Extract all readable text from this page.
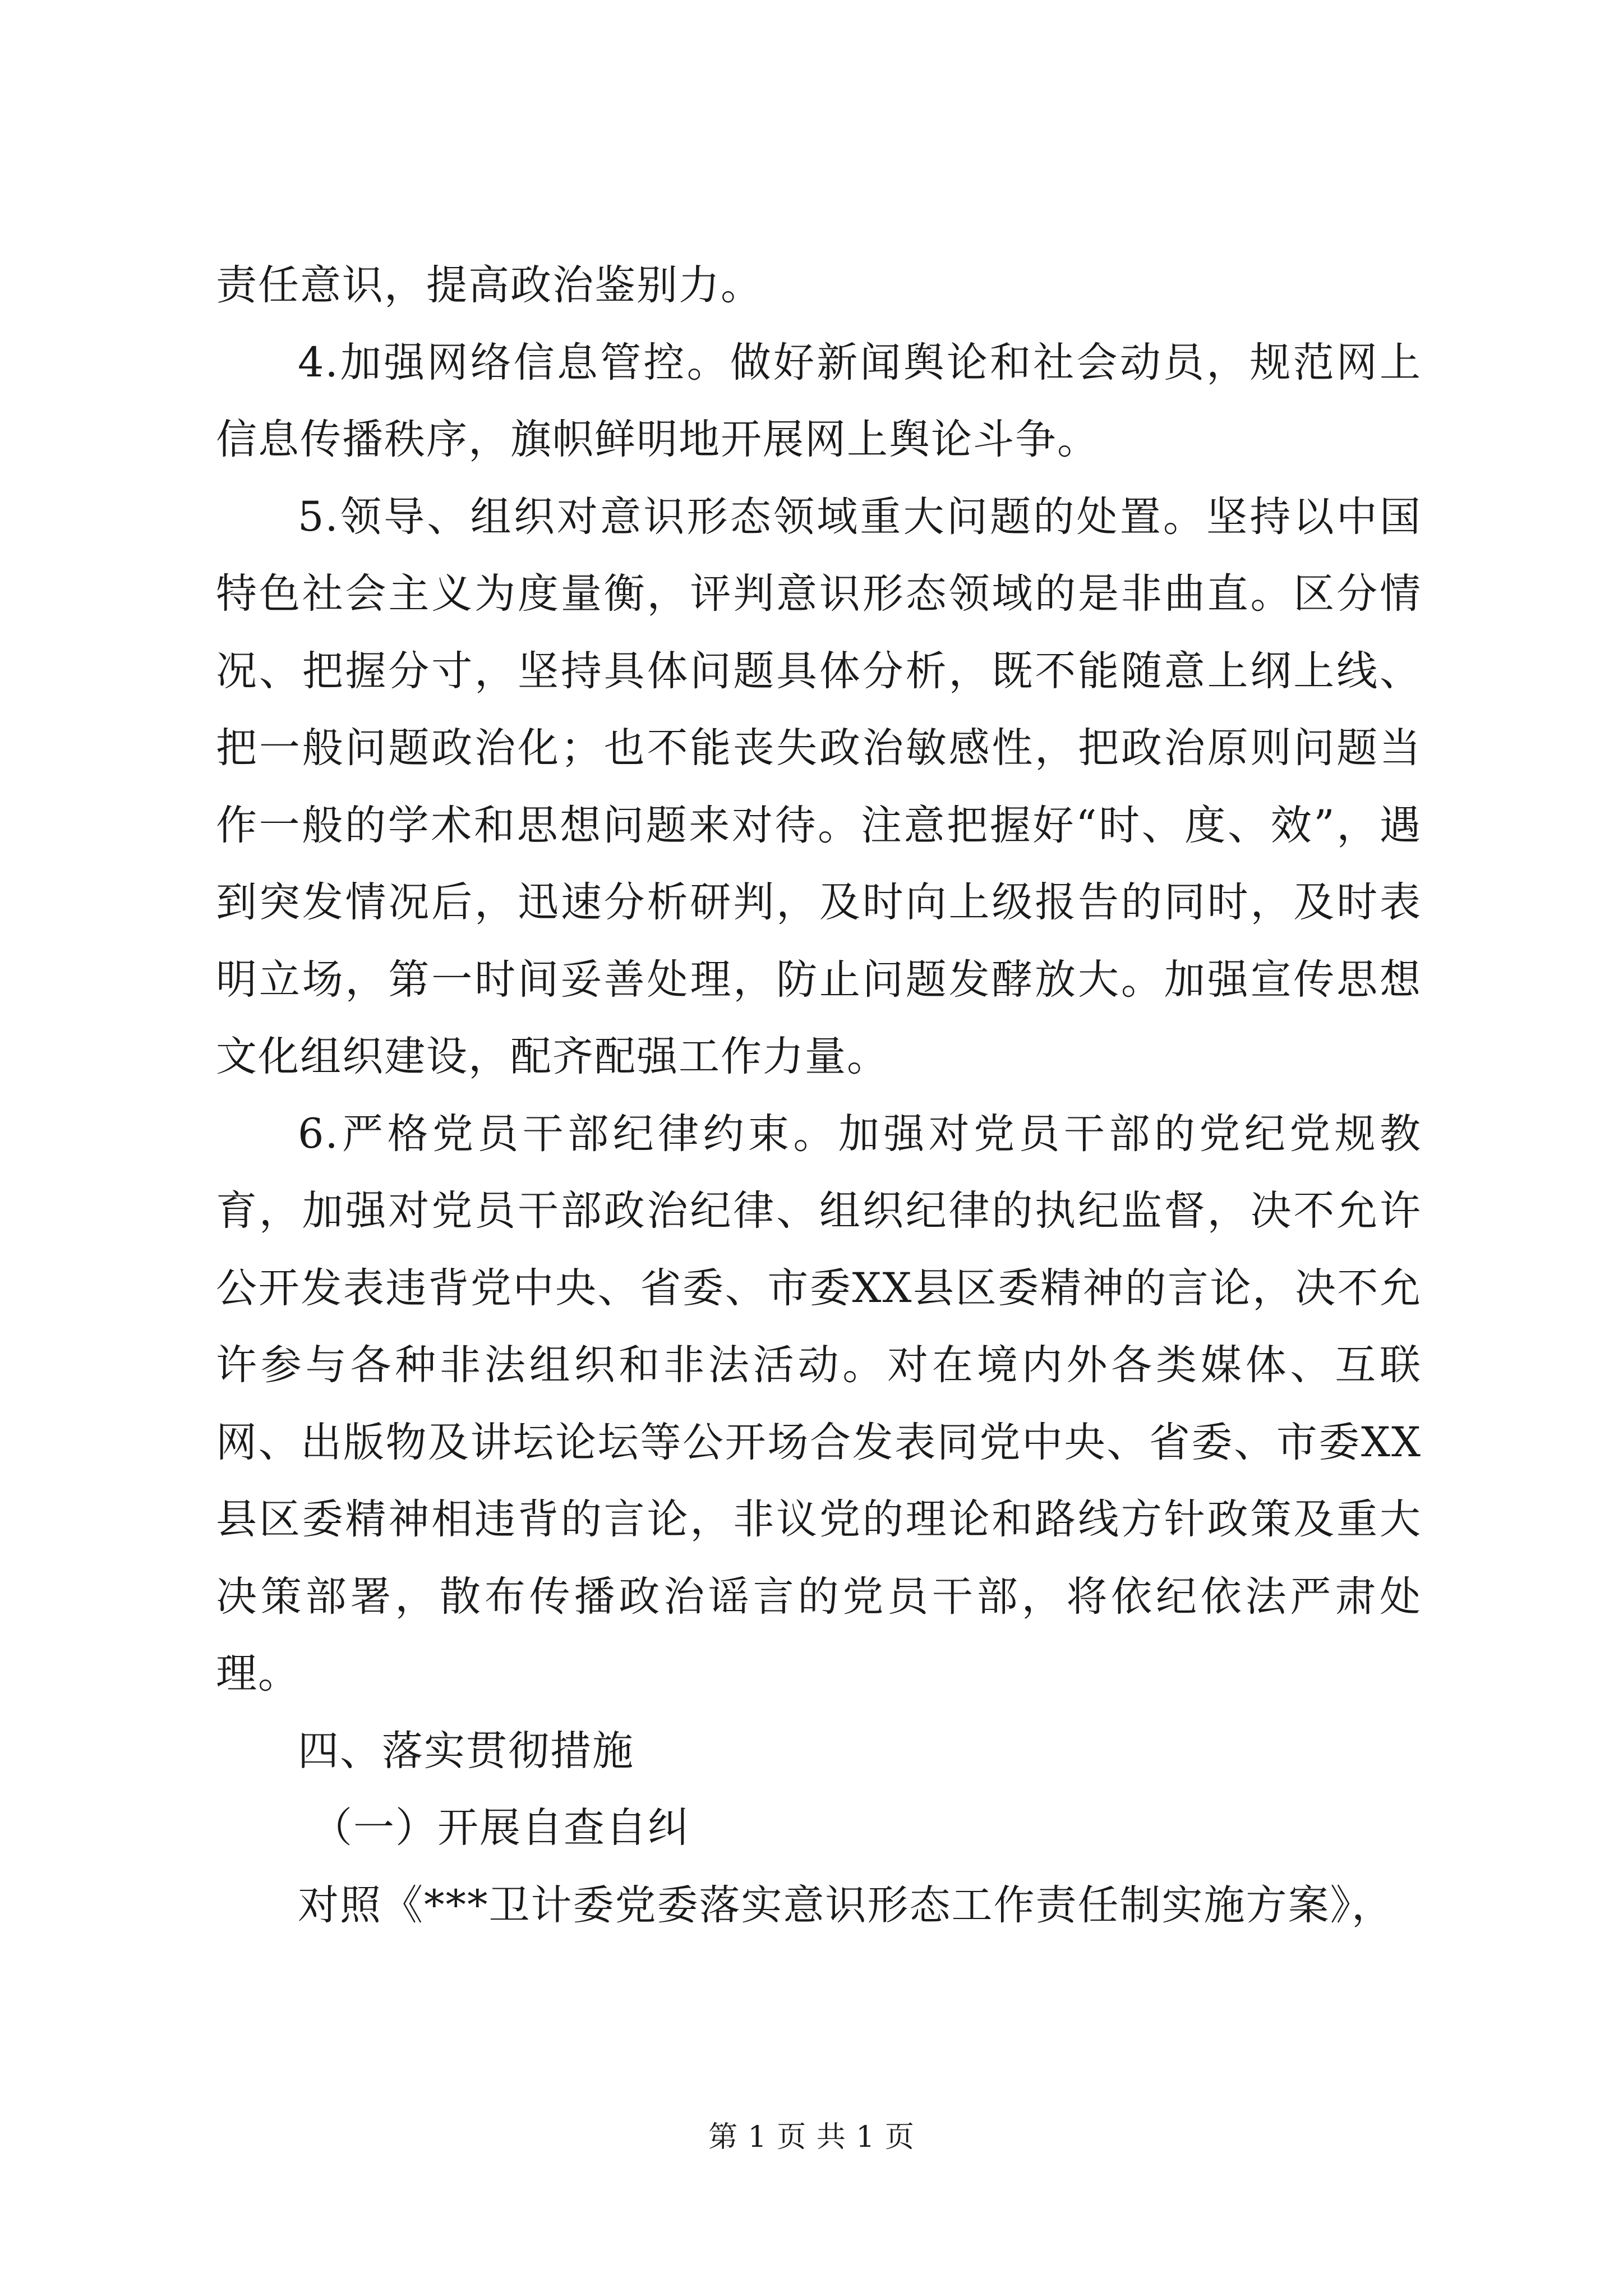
责任意识，提高政治鉴别力。

4.加强网络信息管控。做好新闻舆论和社会动员，规范网上信息传播秩序，旗帜鲜明地开展网上舆论斗争。

5.领导、组织对意识形态领域重大问题的处置。坚持以中国特色社会主义为度量衡，评判意识形态领域的是非曲直。区分情况、把握分寸，坚持具体问题具体分析，既不能随意上纲上线、把一般问题政治化；也不能丧失政治敏感性，把政治原则问题当作一般的学术和思想问题来对待。注意把握好“时、度、效”，遇到突发情况后，迅速分析研判，及时向上级报告的同时，及时表明立场，第一时间妥善处理，防止问题发酵放大。加强宣传思想文化组织建设，配齐配强工作力量。

6.严格党员干部纪律约束。加强对党员干部的党纪党规教育，加强对党员干部政治纪律、组织纪律的执纪监督，决不允许公开发表违背党中央、省委、市委XX县区委精神的言论，决不允许参与各种非法组织和非法活动。对在境内外各类媒体、互联网、出版物及讲坛论坛等公开场合发表同党中央、省委、市委XX县区委精神相违背的言论，非议党的理论和路线方针政策及重大决策部署，散布传播政治谣言的党员干部，将依纪依法严肃处理。

四、落实贯彻措施

（一）开展自查自纠

对照《***卫计委党委落实意识形态工作责任制实施方案》，

第 1 页 共 1 页
